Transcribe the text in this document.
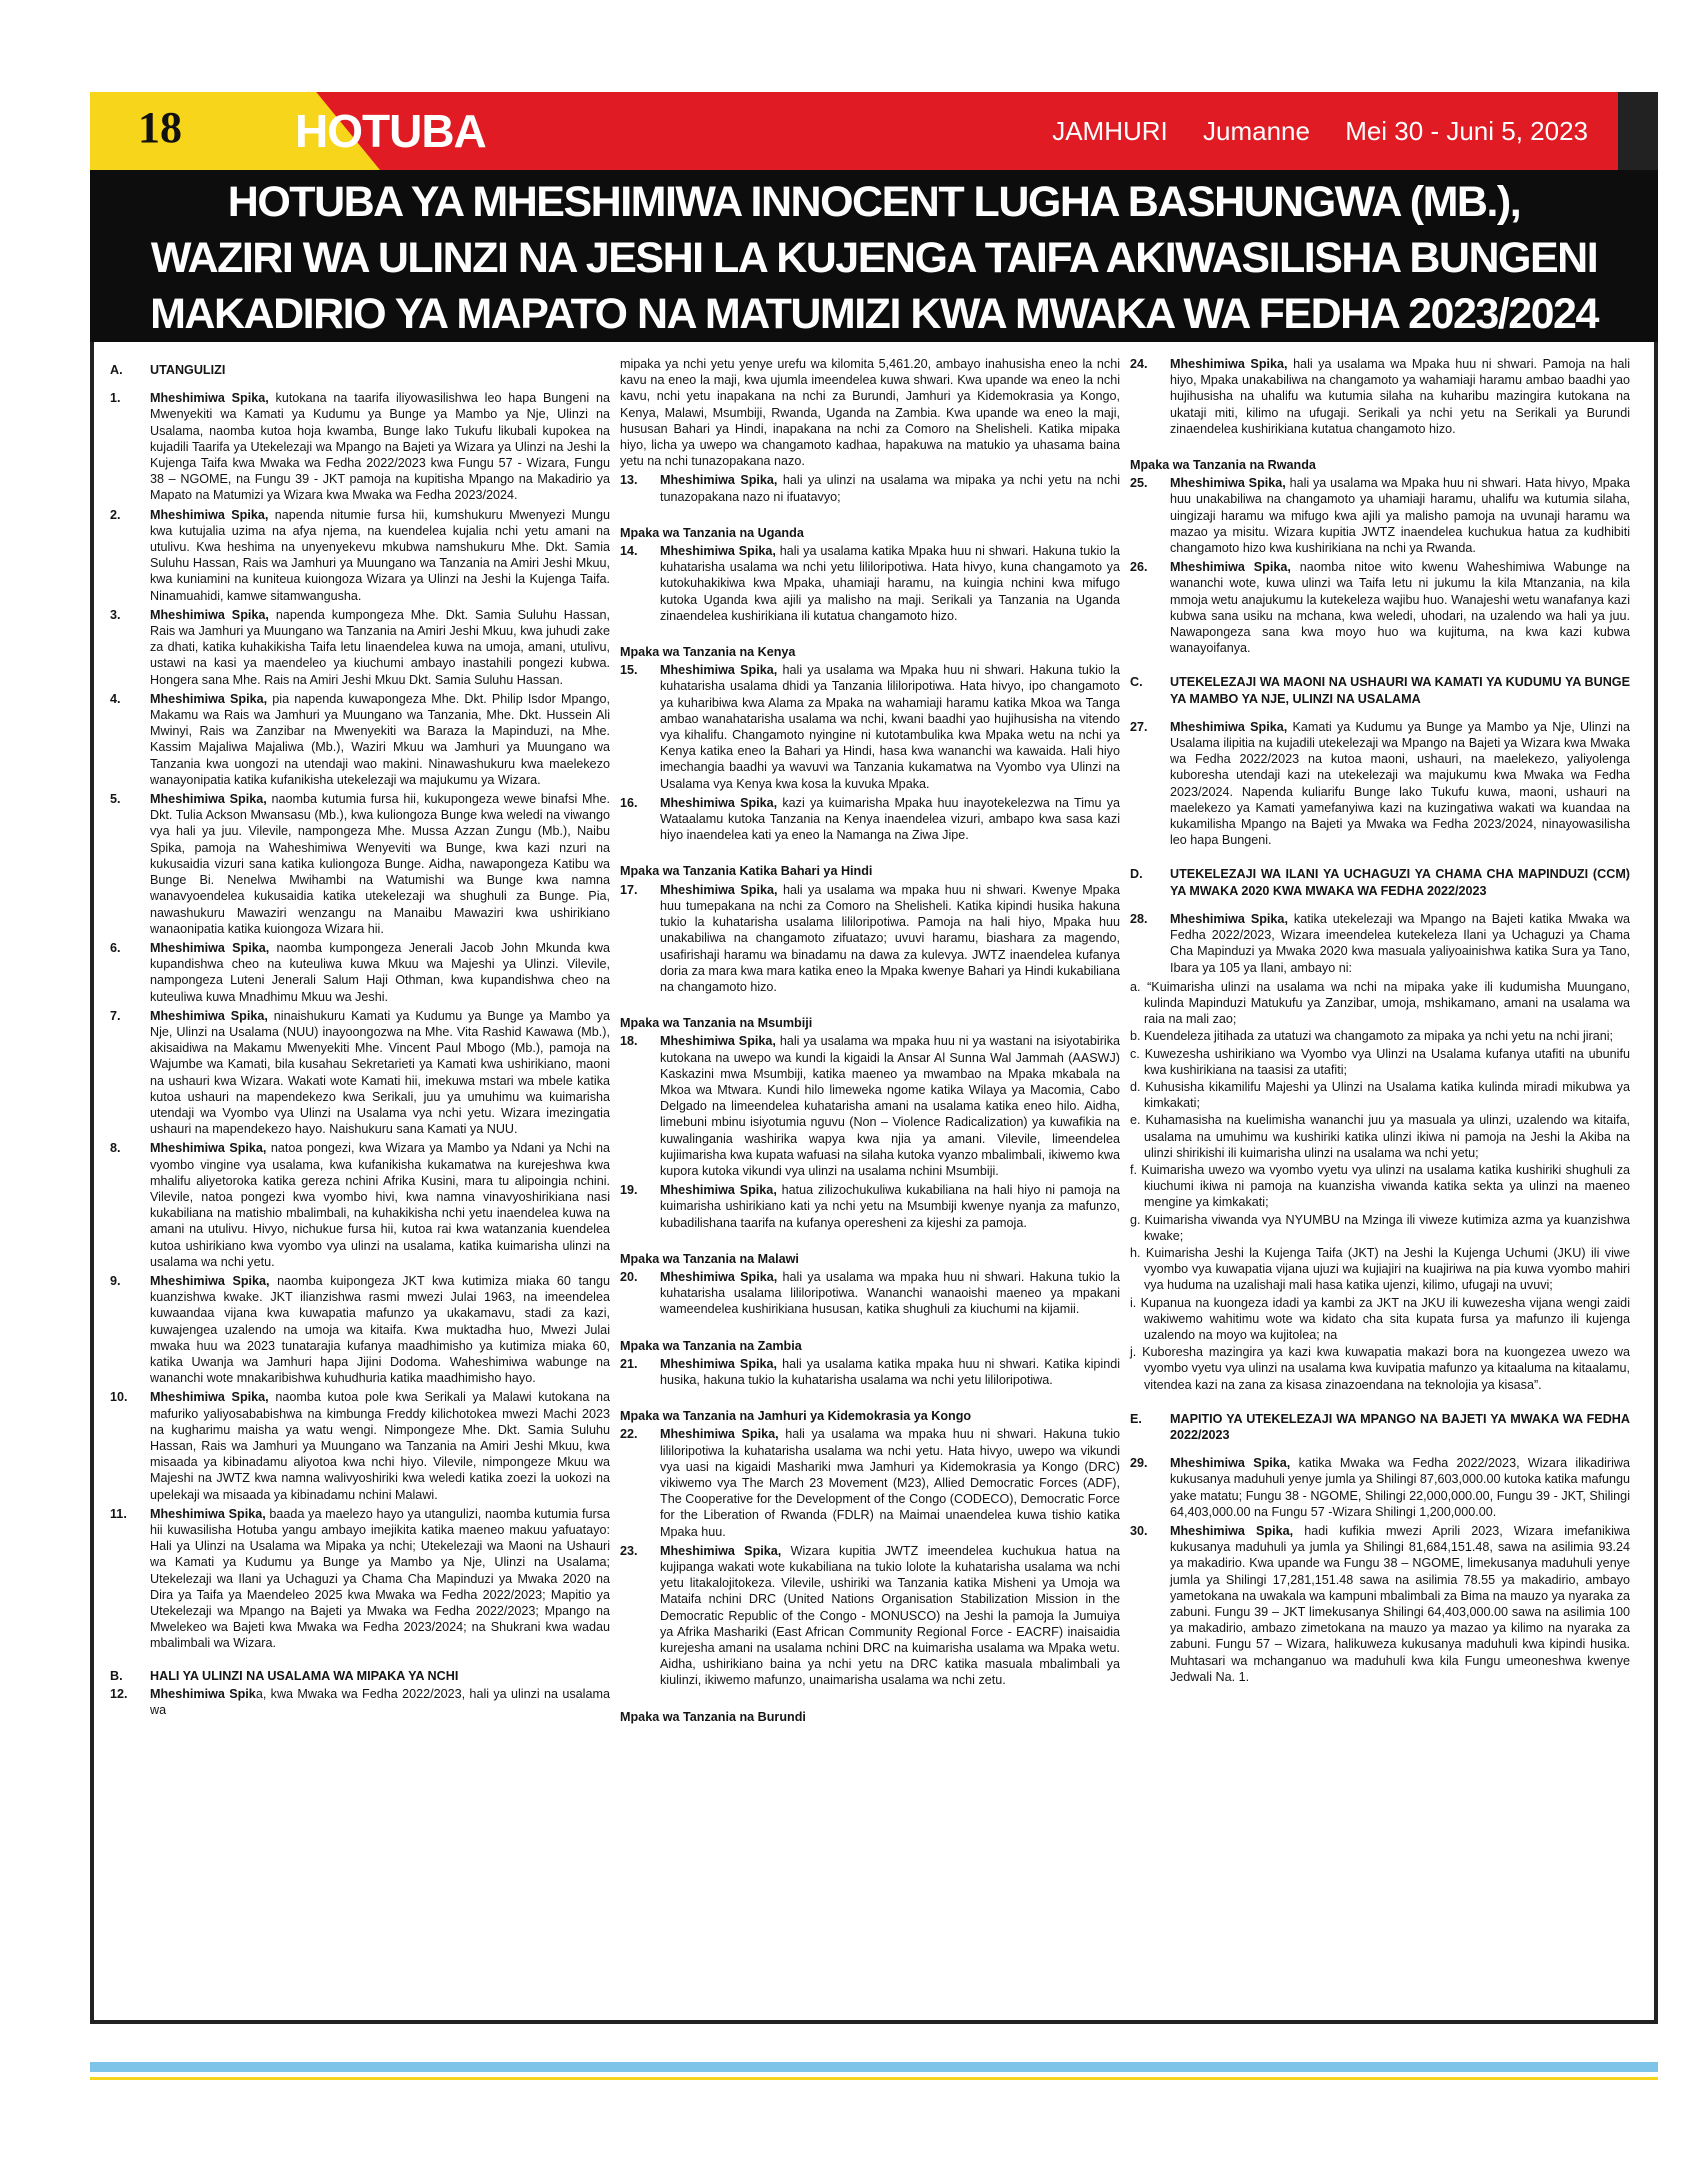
18 HOTUBA	JAMHURI Jumanne Mei 30 - Juni 5, 2023
HOTUBA YA MHESHIMIWA INNOCENT LUGHA BASHUNGWA (MB.),
WAZIRI WA ULINZI NA JESHI LA KUJENGA TAIFA AKIWASILISHA BUNGENI
MAKADIRIO YA MAPATO NA MATUMIZI KWA MWAKA WA FEDHA 2023/2024
A.	UTANGULIZI
1.	Mheshimiwa Spika, kutokana na taarifa iliyowasilishwa leo hapa Bungeni na Mwenyekiti wa Kamati ya Kudumu ya Bunge ya Mambo ya Nje, Ulinzi na Usalama, naomba kutoa hoja kwamba, Bunge lako Tukufu likubali kupokea na kujadili Taarifa ya Utekelezaji wa Mpango na Bajeti ya Wizara ya Ulinzi na Jeshi la Kujenga Taifa kwa Mwaka wa Fedha 2022/2023 kwa Fungu 57 - Wizara, Fungu 38 – NGOME, na Fungu 39 - JKT pamoja na kupitisha Mpango na Makadirio ya Mapato na Matumizi ya Wizara kwa Mwaka wa Fedha 2023/2024.
2.	Mheshimiwa Spika, napenda nitumie fursa hii, kumshukuru Mwenyezi Mungu kwa kutujalia uzima na afya njema, na kuendelea kujalia nchi yetu amani na utulivu. Kwa heshima na unyenyekevu mkubwa namshukuru Mhe. Dkt. Samia Suluhu Hassan, Rais wa Jamhuri ya Muungano wa Tanzania na Amiri Jeshi Mkuu, kwa kuniamini na kuniteua kuiongoza Wizara ya Ulinzi na Jeshi la Kujenga Taifa. Ninamuahidi, kamwe sitamwangusha.
3.	Mheshimiwa Spika, napenda kumpongeza Mhe. Dkt. Samia Suluhu Hassan, Rais wa Jamhuri ya Muungano wa Tanzania na Amiri Jeshi Mkuu, kwa juhudi zake za dhati, katika kuhakikisha Taifa letu linaendelea kuwa na umoja, amani, utulivu, ustawi na kasi ya maendeleo ya kiuchumi ambayo inastahili pongezi kubwa. Hongera sana Mhe. Rais na Amiri Jeshi Mkuu Dkt. Samia Suluhu Hassan.
4.	Mheshimiwa Spika, pia napenda kuwapongeza Mhe. Dkt. Philip Isdor Mpango, Makamu wa Rais wa Jamhuri ya Muungano wa Tanzania, Mhe. Dkt. Hussein Ali Mwinyi, Rais wa Zanzibar na Mwenyekiti wa Baraza la Mapinduzi, na Mhe. Kassim Majaliwa Majaliwa (Mb.), Waziri Mkuu wa Jamhuri ya Muungano wa Tanzania kwa uongozi na utendaji wao makini. Ninawashukuru kwa maelekezo wanayonipatia katika kufanikisha utekelezaji wa majukumu ya Wizara.
5.	Mheshimiwa Spika, naomba kutumia fursa hii, kukupongeza wewe binafsi Mhe. Dkt. Tulia Ackson Mwansasu (Mb.), kwa kuliongoza Bunge kwa weledi na viwango vya hali ya juu. Vilevile, nampongeza Mhe. Mussa Azzan Zungu (Mb.), Naibu Spika, pamoja na Waheshimiwa Wenyeviti wa Bunge, kwa kazi nzuri na kukusaidia vizuri sana katika kuliongoza Bunge. Aidha, nawapongeza Katibu wa Bunge Bi. Nenelwa Mwihambi na Watumishi wa Bunge kwa namna wanavyoendelea kukusaidia katika utekelezaji wa shughuli za Bunge. Pia, nawashukuru Mawaziri wenzangu na Manaibu Mawaziri kwa ushirikiano wanaonipatia katika kuiongoza Wizara hii.
6.	Mheshimiwa Spika, naomba kumpongeza Jenerali Jacob John Mkunda kwa kupandishwa cheo na kuteuliwa kuwa Mkuu wa Majeshi ya Ulinzi. Vilevile, nampongeza Luteni Jenerali Salum Haji Othman, kwa kupandishwa cheo na kuteuliwa kuwa Mnadhimu Mkuu wa Jeshi.
7.	Mheshimiwa Spika, ninaishukuru Kamati ya Kudumu ya Bunge ya Mambo ya Nje, Ulinzi na Usalama (NUU) inayoongozwa na Mhe. Vita Rashid Kawawa (Mb.), akisaidiwa na Makamu Mwenyekiti Mhe. Vincent Paul Mbogo (Mb.), pamoja na Wajumbe wa Kamati, bila kusahau Sekretarieti ya Kamati kwa ushirikiano, maoni na ushauri kwa Wizara. Wakati wote Kamati hii, imekuwa mstari wa mbele katika kutoa ushauri na mapendekezo kwa Serikali, juu ya umuhimu wa kuimarisha utendaji wa Vyombo vya Ulinzi na Usalama vya nchi yetu. Wizara imezingatia ushauri na mapendekezo hayo. Naishukuru sana Kamati ya NUU.
8.	Mheshimiwa Spika, natoa pongezi, kwa Wizara ya Mambo ya Ndani ya Nchi na vyombo vingine vya usalama, kwa kufanikisha kukamatwa na kurejeshwa kwa mhalifu aliyetoroka katika gereza nchini Afrika Kusini, mara tu alipoingia nchini. Vilevile, natoa pongezi kwa vyombo hivi, kwa namna vinavyoshirikiana nasi kukabiliana na matishio mbalimbali, na kuhakikisha nchi yetu inaendelea kuwa na amani na utulivu. Hivyo, nichukue fursa hii, kutoa rai kwa watanzania kuendelea kutoa ushirikiano kwa vyombo vya ulinzi na usalama, katika kuimarisha ulinzi na usalama wa nchi yetu.
9.	Mheshimiwa Spika, naomba kuipongeza JKT kwa kutimiza miaka 60 tangu kuanzishwa kwake. JKT ilianzishwa rasmi mwezi Julai 1963, na imeendelea kuwaandaa vijana kwa kuwapatia mafunzo ya ukakamavu, stadi za kazi, kuwajengea uzalendo na umoja wa kitaifa. Kwa muktadha huo, Mwezi Julai mwaka huu wa 2023 tunatarajia kufanya maadhimisho ya kutimiza miaka 60, katika Uwanja wa Jamhuri hapa Jijini Dodoma. Waheshimiwa wabunge na wananchi wote mnakaribishwa kuhudhuria katika maadhimisho hayo.
10.	Mheshimiwa Spika, naomba kutoa pole kwa Serikali ya Malawi kutokana na mafuriko yaliyosababishwa na kimbunga Freddy kilichotokea mwezi Machi 2023 na kugharimu maisha ya watu wengi. Nimpongeze Mhe. Dkt. Samia Suluhu Hassan, Rais wa Jamhuri ya Muungano wa Tanzania na Amiri Jeshi Mkuu, kwa misaada ya kibinadamu aliyotoa kwa nchi hiyo. Vilevile, nimpongeze Mkuu wa Majeshi na JWTZ kwa namna walivyoshiriki kwa weledi katika zoezi la uokozi na upelekaji wa misaada ya kibinadamu nchini Malawi.
11.	Mheshimiwa Spika, baada ya maelezo hayo ya utangulizi, naomba kutumia fursa hii kuwasilisha Hotuba yangu ambayo imejikita katika maeneo makuu yafuatayo: Hali ya Ulinzi na Usalama wa Mipaka ya nchi; Utekelezaji wa Maoni na Ushauri wa Kamati ya Kudumu ya Bunge ya Mambo ya Nje, Ulinzi na Usalama; Utekelezaji wa Ilani ya Uchaguzi ya Chama Cha Mapinduzi ya Mwaka 2020 na Dira ya Taifa ya Maendeleo 2025 kwa Mwaka wa Fedha 2022/2023; Mapitio ya Utekelezaji wa Mpango na Bajeti ya Mwaka wa Fedha 2022/2023; Mpango na Mwelekeo wa Bajeti kwa Mwaka wa Fedha 2023/2024; na Shukrani kwa wadau mbalimbali wa Wizara.
B.	HALI YA ULINZI NA USALAMA WA MIPAKA YA NCHI
12.	Mheshimiwa Spika, kwa Mwaka wa Fedha 2022/2023, hali ya ulinzi na usalama wa
mipaka ya nchi yetu yenye urefu wa kilomita 5,461.20, ambayo inahusisha eneo la nchi kavu na eneo la maji, kwa ujumla imeendelea kuwa shwari. Kwa upande wa eneo la nchi kavu, nchi yetu inapakana na nchi za Burundi, Jamhuri ya Kidemokrasia ya Kongo, Kenya, Malawi, Msumbiji, Rwanda, Uganda na Zambia. Kwa upande wa eneo la maji, hususan Bahari ya Hindi, inapakana na nchi za Comoro na Shelisheli. Katika mipaka hiyo, licha ya uwepo wa changamoto kadhaa, hapakuwa na matukio ya uhasama baina yetu na nchi tunazopakana nazo.
13.	Mheshimiwa Spika, hali ya ulinzi na usalama wa mipaka ya nchi yetu na nchi tunazopakana nazo ni ifuatavyo;
Mpaka wa Tanzania na Uganda
14.	Mheshimiwa Spika, hali ya usalama katika Mpaka huu ni shwari. Hakuna tukio la kuhatarisha usalama wa nchi yetu lililoripotiwa. Hata hivyo, kuna changamoto ya kutokuhakikiwa kwa Mpaka, uhamiaji haramu, na kuingia nchini kwa mifugo kutoka Uganda kwa ajili ya malisho na maji. Serikali ya Tanzania na Uganda zinaendelea kushirikiana ili kutatua changamoto hizo.
Mpaka wa Tanzania na Kenya
15.	Mheshimiwa Spika, hali ya usalama wa Mpaka huu ni shwari. Hakuna tukio la kuhatarisha usalama dhidi ya Tanzania lililoripotiwa. Hata hivyo, ipo changamoto ya kuharibiwa kwa Alama za Mpaka na wahamiaji haramu katika Mkoa wa Tanga ambao wanahatarisha usalama wa nchi, kwani baadhi yao hujihusisha na vitendo vya kihalifu. Changamoto nyingine ni kutotambulika kwa Mpaka wetu na nchi ya Kenya katika eneo la Bahari ya Hindi, hasa kwa wananchi wa kawaida. Hali hiyo imechangia baadhi ya wavuvi wa Tanzania kukamatwa na Vyombo vya Ulinzi na Usalama vya Kenya kwa kosa la kuvuka Mpaka.
16.	Mheshimiwa Spika, kazi ya kuimarisha Mpaka huu inayotekelezwa na Timu ya Wataalamu kutoka Tanzania na Kenya inaendelea vizuri, ambapo kwa sasa kazi hiyo inaendelea kati ya eneo la Namanga na Ziwa Jipe.
Mpaka wa Tanzania Katika Bahari ya Hindi
17.	Mheshimiwa Spika, hali ya usalama wa mpaka huu ni shwari. Kwenye Mpaka huu tumepakana na nchi za Comoro na Shelisheli. Katika kipindi husika hakuna tukio la kuhatarisha usalama lililoripotiwa. Pamoja na hali hiyo, Mpaka huu unakabiliwa na changamoto zifuatazo; uvuvi haramu, biashara za magendo, usafirishaji haramu wa binadamu na dawa za kulevya. JWTZ inaendelea kufanya doria za mara kwa mara katika eneo la Mpaka kwenye Bahari ya Hindi kukabiliana na changamoto hizo.
Mpaka wa Tanzania na Msumbiji
18.	Mheshimiwa Spika, hali ya usalama wa mpaka huu ni ya wastani na isiyotabirika kutokana na uwepo wa kundi la kigaidi la Ansar Al Sunna Wal Jammah (AASWJ) Kaskazini mwa Msumbiji, katika maeneo ya mwambao na Mpaka mkabala na Mkoa wa Mtwara. Kundi hilo limeweka ngome katika Wilaya ya Macomia, Cabo Delgado na limeendelea kuhatarisha amani na usalama katika eneo hilo. Aidha, limebuni mbinu isiyotumia nguvu (Non – Violence Radicalization) ya kuwafikia na kuwalingania washirika wapya kwa njia ya amani. Vilevile, limeendelea kujiimarisha kwa kupata wafuasi na silaha kutoka vyanzo mbalimbali, ikiwemo kwa kupora kutoka vikundi vya ulinzi na usalama nchini Msumbiji.
19.	Mheshimiwa Spika, hatua zilizochukuliwa kukabiliana na hali hiyo ni pamoja na kuimarisha ushirikiano kati ya nchi yetu na Msumbiji kwenye nyanja za mafunzo, kubadilishana taarifa na kufanya operesheni za kijeshi za pamoja.
Mpaka wa Tanzania na Malawi
20.	Mheshimiwa Spika, hali ya usalama wa mpaka huu ni shwari. Hakuna tukio la kuhatarisha usalama lililoripotiwa. Wananchi wanaoishi maeneo ya mpakani wameendelea kushirikiana hususan, katika shughuli za kiuchumi na kijamii.
Mpaka wa Tanzania na Zambia
21.	Mheshimiwa Spika, hali ya usalama katika mpaka huu ni shwari. Katika kipindi husika, hakuna tukio la kuhatarisha usalama wa nchi yetu lililoripotiwa.
Mpaka wa Tanzania na Jamhuri ya Kidemokrasia ya Kongo
22.	Mheshimiwa Spika, hali ya usalama wa mpaka huu ni shwari. Hakuna tukio lililoripotiwa la kuhatarisha usalama wa nchi yetu. Hata hivyo, uwepo wa vikundi vya uasi na kigaidi Mashariki mwa Jamhuri ya Kidemokrasia ya Kongo (DRC) vikiwemo vya The March 23 Movement (M23), Allied Democratic Forces (ADF), The Cooperative for the Development of the Congo (CODECO), Democratic Force for the Liberation of Rwanda (FDLR) na Maimai unaendelea kuwa tishio katika Mpaka huu.
23.	Mheshimiwa Spika, Wizara kupitia JWTZ imeendelea kuchukua hatua na kujipanga wakati wote kukabiliana na tukio lolote la kuhatarisha usalama wa nchi yetu litakalojitokeza. Vilevile, ushiriki wa Tanzania katika Misheni ya Umoja wa Mataifa nchini DRC (United Nations Organisation Stabilization Mission in the Democratic Republic of the Congo - MONUSCO) na Jeshi la pamoja la Jumuiya ya Afrika Mashariki (East African Community Regional Force - EACRF) inaisaidia kurejesha amani na usalama nchini DRC na kuimarisha usalama wa Mpaka wetu. Aidha, ushirikiano baina ya nchi yetu na DRC katika masuala mbalimbali ya kiulinzi, ikiwemo mafunzo, unaimarisha usalama wa nchi zetu.
Mpaka wa Tanzania na Burundi
24.	Mheshimiwa Spika, hali ya usalama wa Mpaka huu ni shwari. Pamoja na hali hiyo, Mpaka unakabiliwa na changamoto ya wahamiaji haramu ambao baadhi yao hujihusisha na uhalifu wa kutumia silaha na kuharibu mazingira kutokana na ukataji miti, kilimo na ufugaji. Serikali ya nchi yetu na Serikali ya Burundi zinaendelea kushirikiana kutatua changamoto hizo.
Mpaka wa Tanzania na Rwanda
25.	Mheshimiwa Spika, hali ya usalama wa Mpaka huu ni shwari. Hata hivyo, Mpaka huu unakabiliwa na changamoto ya uhamiaji haramu, uhalifu wa kutumia silaha, uingizaji haramu wa mifugo kwa ajili ya malisho pamoja na uvunaji haramu wa mazao ya misitu. Wizara kupitia JWTZ inaendelea kuchukua hatua za kudhibiti changamoto hizo kwa kushirikiana na nchi ya Rwanda.
26.	Mheshimiwa Spika, naomba nitoe wito kwenu Waheshimiwa Wabunge na wananchi wote, kuwa ulinzi wa Taifa letu ni jukumu la kila Mtanzania, na kila mmoja wetu anajukumu la kutekeleza wajibu huo. Wanajeshi wetu wanafanya kazi kubwa sana usiku na mchana, kwa weledi, uhodari, na uzalendo wa hali ya juu. Nawapongeza sana kwa moyo huo wa kujituma, na kwa kazi kubwa wanayoifanya.
C.	UTEKELEZAJI WA MAONI NA USHAURI WA KAMATI YA KUDUMU YA BUNGE YA MAMBO YA NJE, ULINZI NA USALAMA
27.	Mheshimiwa Spika, Kamati ya Kudumu ya Bunge ya Mambo ya Nje, Ulinzi na Usalama ilipitia na kujadili utekelezaji wa Mpango na Bajeti ya Wizara kwa Mwaka wa Fedha 2022/2023 na kutoa maoni, ushauri, na maelekezo, yaliyolenga kuboresha utendaji kazi na utekelezaji wa majukumu kwa Mwaka wa Fedha 2023/2024. Napenda kuliarifu Bunge lako Tukufu kuwa, maoni, ushauri na maelekezo ya Kamati yamefanyiwa kazi na kuzingatiwa wakati wa kuandaa na kukamilisha Mpango na Bajeti ya Mwaka wa Fedha 2023/2024, ninayowasilisha leo hapa Bungeni.
D.	UTEKELEZAJI WA ILANI YA UCHAGUZI YA CHAMA CHA MAPINDUZI (CCM) YA MWAKA 2020 KWA MWAKA WA FEDHA 2022/2023
28.	Mheshimiwa Spika, katika utekelezaji wa Mpango na Bajeti katika Mwaka wa Fedha 2022/2023, Wizara imeendelea kutekeleza Ilani ya Uchaguzi ya Chama Cha Mapinduzi ya Mwaka 2020 kwa masuala yaliyoainishwa katika Sura ya Tano, Ibara ya 105 ya Ilani, ambayo ni:
a. “Kuimarisha ulinzi na usalama wa nchi na mipaka yake ili kudumisha Muungano, kulinda Mapinduzi Matukufu ya Zanzibar, umoja, mshikamano, amani na usalama wa raia na mali zao;
b. Kuendeleza jitihada za utatuzi wa changamoto za mipaka ya nchi yetu na nchi jirani;
c. Kuwezesha ushirikiano wa Vyombo vya Ulinzi na Usalama kufanya utafiti na ubunifu kwa kushirikiana na taasisi za utafiti;
d. Kuhusisha kikamilifu Majeshi ya Ulinzi na Usalama katika kulinda miradi mikubwa ya kimkakati;
e. Kuhamasisha na kuelimisha wananchi juu ya masuala ya ulinzi, uzalendo wa kitaifa, usalama na umuhimu wa kushiriki katika ulinzi ikiwa ni pamoja na Jeshi la Akiba na ulinzi shirikishi ili kuimarisha ulinzi na usalama wa nchi yetu;
f. Kuimarisha uwezo wa vyombo vyetu vya ulinzi na usalama katika kushiriki shughuli za kiuchumi ikiwa ni pamoja na kuanzisha viwanda katika sekta ya ulinzi na maeneo mengine ya kimkakati;
g. Kuimarisha viwanda vya NYUMBU na Mzinga ili viweze kutimiza azma ya kuanzishwa kwake;
h. Kuimarisha Jeshi la Kujenga Taifa (JKT) na Jeshi la Kujenga Uchumi (JKU) ili viwe vyombo vya kuwapatia vijana ujuzi wa kujiajiri na kuajiriwa na pia kuwa vyombo mahiri vya huduma na uzalishaji mali hasa katika ujenzi, kilimo, ufugaji na uvuvi;
i. Kupanua na kuongeza idadi ya kambi za JKT na JKU ili kuwezesha vijana wengi zaidi wakiwemo wahitimu wote wa kidato cha sita kupata fursa ya mafunzo ili kujenga uzalendo na moyo wa kujitolea; na
j. Kuboresha mazingira ya kazi kwa kuwapatia makazi bora na kuongezea uwezo wa vyombo vyetu vya ulinzi na usalama kwa kuvipatia mafunzo ya kitaaluma na kitaalamu, vitendea kazi na zana za kisasa zinazoendana na teknolojia ya kisasa”.
E.	MAPITIO YA UTEKELEZAJI WA MPANGO NA BAJETI YA MWAKA WA FEDHA 2022/2023
29.	Mheshimiwa Spika, katika Mwaka wa Fedha 2022/2023, Wizara ilikadiriwa kukusanya maduhuli yenye jumla ya Shilingi 87,603,000.00 kutoka katika mafungu yake matatu; Fungu 38 - NGOME, Shilingi 22,000,000.00, Fungu 39 - JKT, Shilingi 64,403,000.00 na Fungu 57 -Wizara Shilingi 1,200,000.00.
30.	Mheshimiwa Spika, hadi kufikia mwezi Aprili 2023, Wizara imefanikiwa kukusanya maduhuli ya jumla ya Shilingi 81,684,151.48, sawa na asilimia 93.24 ya makadirio. Kwa upande wa Fungu 38 – NGOME, limekusanya maduhuli yenye jumla ya Shilingi 17,281,151.48 sawa na asilimia 78.55 ya makadirio, ambayo yametokana na uwakala wa kampuni mbalimbali za Bima na mauzo ya nyaraka za zabuni. Fungu 39 – JKT limekusanya Shilingi 64,403,000.00 sawa na asilimia 100 ya makadirio, ambazo zimetokana na mauzo ya mazao ya kilimo na nyaraka za zabuni. Fungu 57 – Wizara, halikuweza kukusanya maduhuli kwa kipindi husika. Muhtasari wa mchanganuo wa maduhuli kwa kila Fungu umeoneshwa kwenye Jedwali Na. 1.
